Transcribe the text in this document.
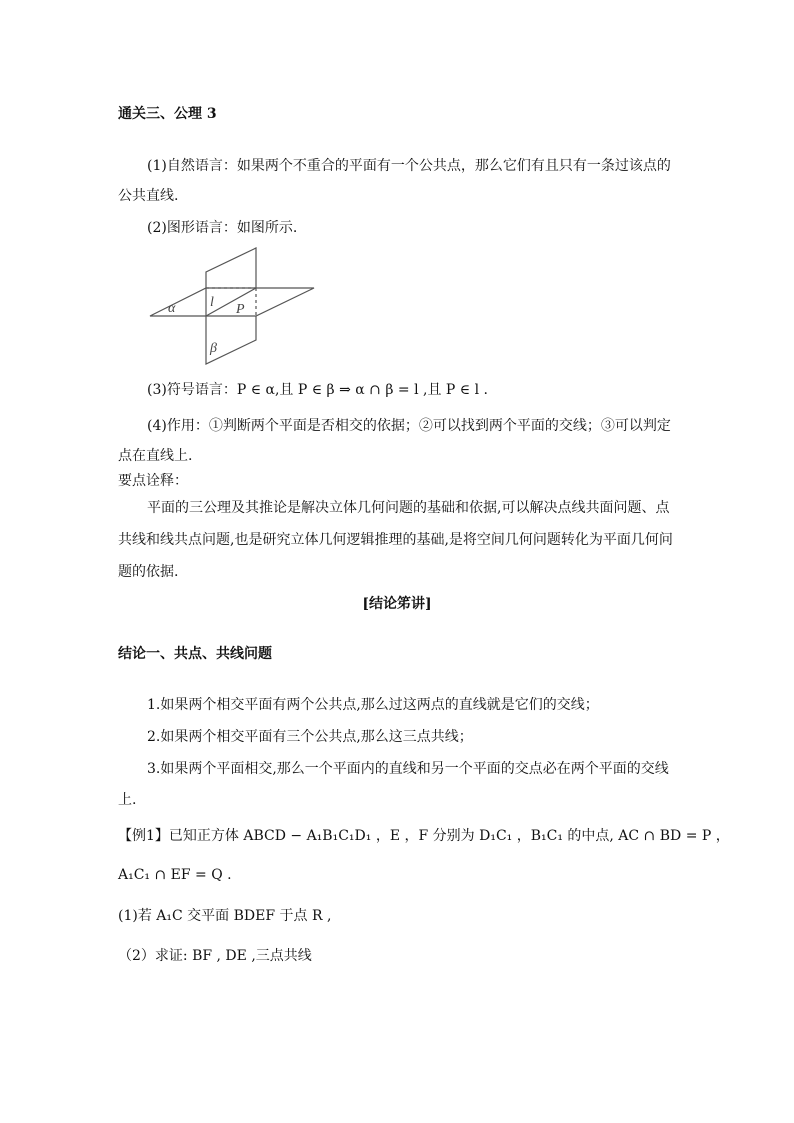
通关三、公理 3
(1)自然语言：如果两个不重合的平面有一个公共点，那么它们有且只有一条过该点的
公共直线.
(2)图形语言：如图所示.
α l P
β
(3)符号语言：P ∈ α,且 P ∈ β ⇒ α ∩ β = l ,且 P ∈ l .
(4)作用：①判断两个平面是否相交的依据；②可以找到两个平面的交线；③可以判定
点在直线上.
要点诠释：
平面的三公理及其推论是解决立体几何问题的基础和依据,可以解决点线共面问题、点
共线和线共点问题,也是研究立体几何逻辑推理的基础,是将空间几何问题转化为平面几何问
题的依据.
[结论笫讲]
结论一、共点、共线问题
1.如果两个相交平面有两个公共点,那么过这两点的直线就是它们的交线；
2.如果两个相交平面有三个公共点,那么这三点共线；
3.如果两个平面相交,那么一个平面内的直线和另一个平面的交点必在两个平面的交线
上.
【例1】已知正方体 ABCD − A₁B₁C₁D₁ ，E ，F 分别为 D₁C₁ ，B₁C₁ 的中点, AC ∩ BD = P ，
A₁C₁ ∩ EF = Q .
(1)若 A₁C 交平面 BDEF 于点 R ,
（2）求证: BF , DE ,三点共线
